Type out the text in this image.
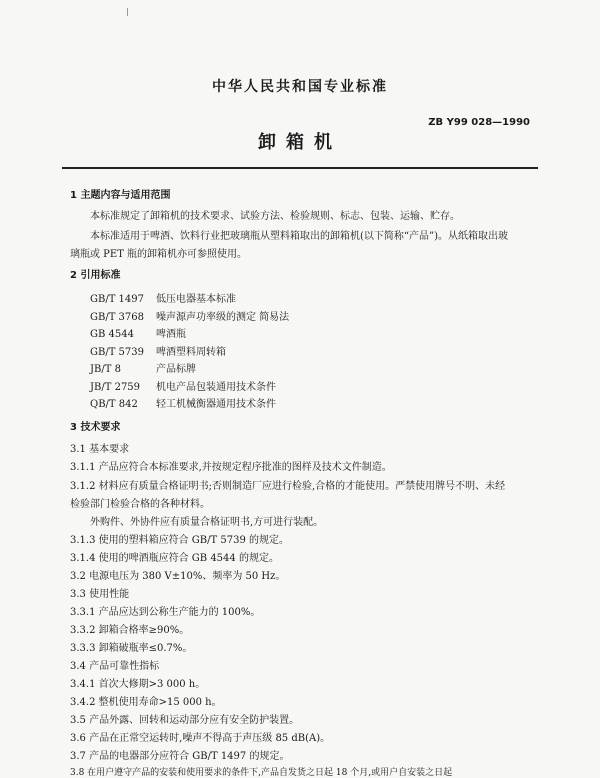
中华人民共和国专业标准
ZB Y99 028—1990
卸箱机
1 主题内容与适用范围
本标准规定了卸箱机的技术要求、试验方法、检验规则、标志、包装、运输、贮存。
本标准适用于啤酒、饮料行业把玻璃瓶从塑料箱取出的卸箱机(以下简称“产品”)。从纸箱取出玻
璃瓶或 PET 瓶的卸箱机亦可参照使用。
2 引用标准
GB/T 1497 低压电器基本标准
GB/T 3768 噪声源声功率级的测定 简易法
GB 4544 啤酒瓶
GB/T 5739 啤酒塑料周转箱
JB/T 8	产品标牌
JB/T 2759 机电产品包装通用技术条件
QB/T 842 轻工机械衡器通用技术条件
3 技术要求
3.1 基本要求
3.1.1 产品应符合本标准要求,并按规定程序批准的图样及技术文件制造。
3.1.2 材料应有质量合格证明书;否则制造厂应进行检验,合格的才能使用。严禁使用牌号不明、未经
检验部门检验合格的各种材料。
外购件、外协件应有质量合格证明书,方可进行装配。
3.1.3 使用的塑料箱应符合 GB/T 5739 的规定。
3.1.4 使用的啤酒瓶应符合 GB 4544 的规定。
3.2 电源电压为 380 V±10%、频率为 50 Hz。
3.3 使用性能
3.3.1 产品应达到公称生产能力的 100%。
3.3.2 卸箱合格率≥90%。
3.3.3 卸箱破瓶率≤0.7%。
3.4 产品可靠性指标
3.4.1 首次大修期>3 000 h。
3.4.2 整机使用寿命>15 000 h。
3.5 产品外露、回转和运动部分应有安全防护装置。
3.6 产品在正常空运转时,噪声不得高于声压级 85 dB(A)。
3.7 产品的电器部分应符合 GB/T 1497 的规定。
3.8 在用户遵守产品的安装和使用要求的条件下,产品自发货之日起 18 个月,或用户自安装之日起
